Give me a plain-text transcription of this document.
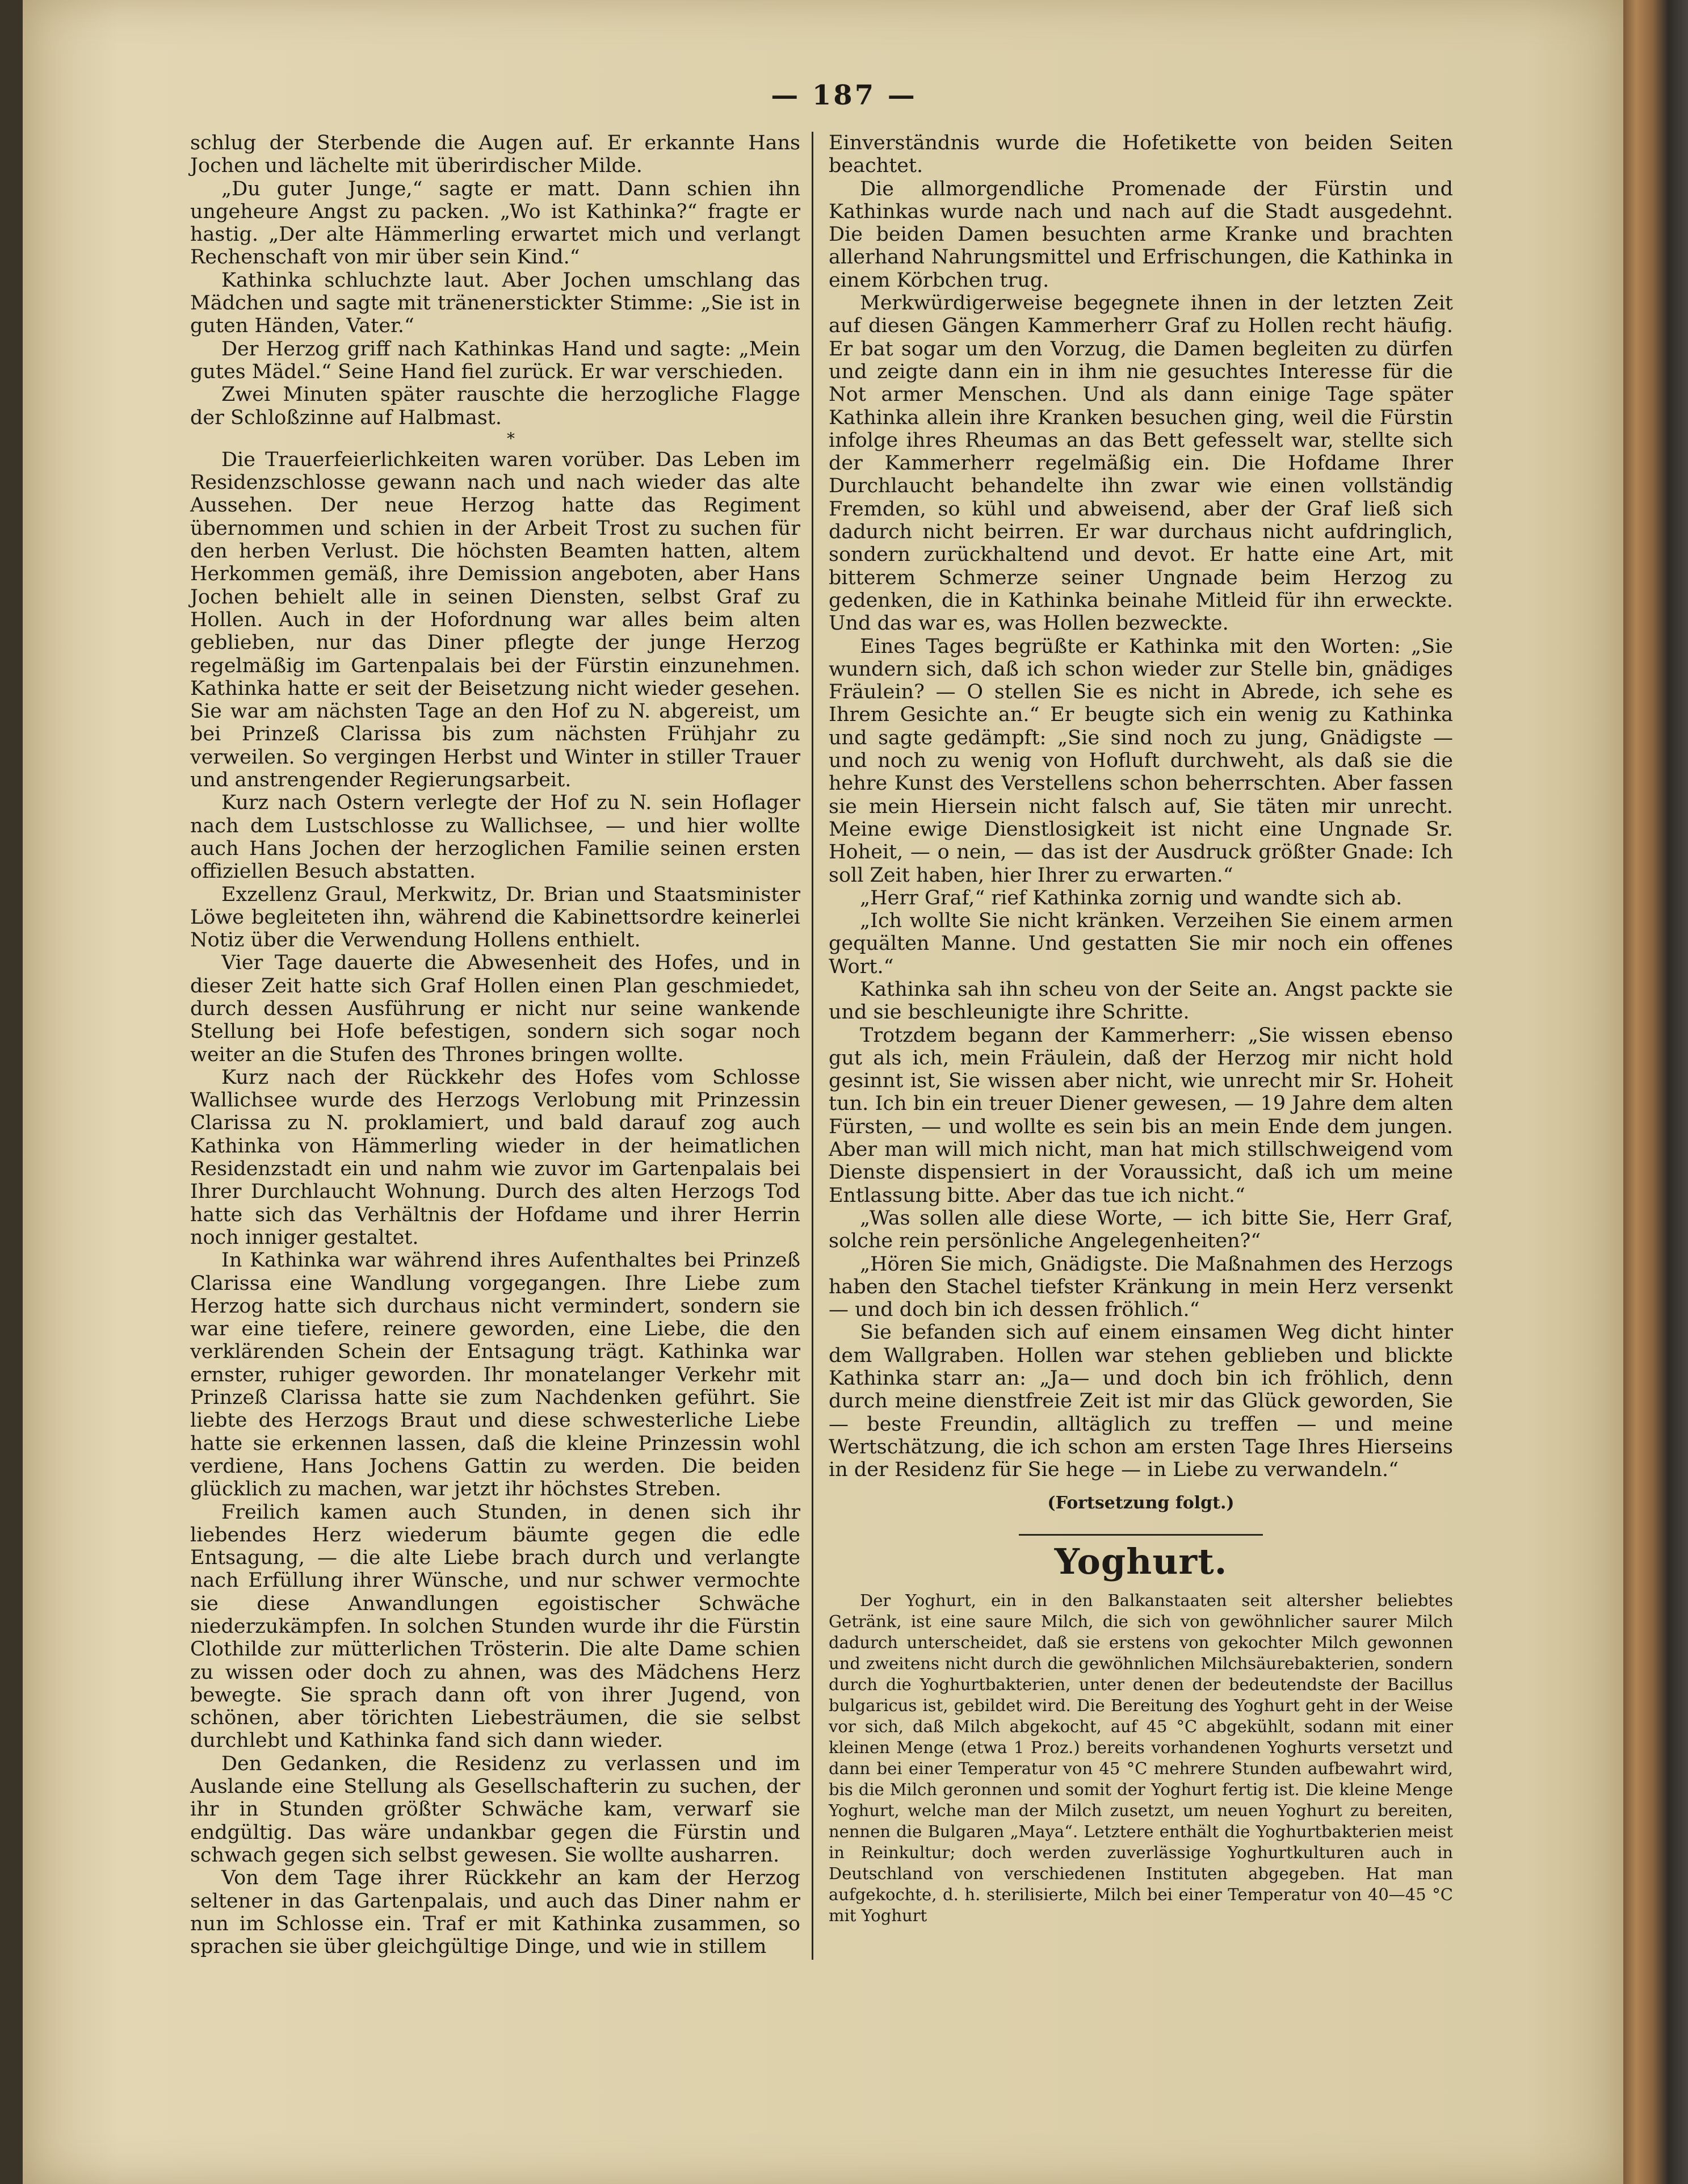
— 187 —

schlug der Sterbende die Augen auf. Er erkannte Hans Jochen und lächelte mit überirdischer Milde.

„Du guter Junge,“ sagte er matt. Dann schien ihn ungeheure Angst zu packen. „Wo ist Kathinka?“ fragte er hastig. „Der alte Hämmerling erwartet mich und verlangt Rechenschaft von mir über sein Kind.“

Kathinka schluchzte laut. Aber Jochen umschlang das Mädchen und sagte mit tränenerstickter Stimme: „Sie ist in guten Händen, Vater.“

Der Herzog griff nach Kathinkas Hand und sagte: „Mein gutes Mädel.“ Seine Hand fiel zurück. Er war verschieden.

Zwei Minuten später rauschte die herzogliche Flagge der Schloßzinne auf Halbmast.

*

Die Trauerfeierlichkeiten waren vorüber. Das Leben im Residenzschlosse gewann nach und nach wieder das alte Aussehen. Der neue Herzog hatte das Regiment übernommen und schien in der Arbeit Trost zu suchen für den herben Verlust. Die höchsten Beamten hatten, altem Herkommen gemäß, ihre Demission angeboten, aber Hans Jochen behielt alle in seinen Diensten, selbst Graf zu Hollen. Auch in der Hofordnung war alles beim alten geblieben, nur das Diner pflegte der junge Herzog regelmäßig im Gartenpalais bei der Fürstin einzunehmen. Kathinka hatte er seit der Beisetzung nicht wieder gesehen. Sie war am nächsten Tage an den Hof zu N. abgereist, um bei Prinzeß Clarissa bis zum nächsten Frühjahr zu verweilen. So vergingen Herbst und Winter in stiller Trauer und anstrengender Regierungsarbeit.

Kurz nach Ostern verlegte der Hof zu N. sein Hoflager nach dem Lustschlosse zu Wallichsee, — und hier wollte auch Hans Jochen der herzoglichen Familie seinen ersten offiziellen Besuch abstatten.

Exzellenz Graul, Merkwitz, Dr. Brian und Staatsminister Löwe begleiteten ihn, während die Kabinettsordre keinerlei Notiz über die Verwendung Hollens enthielt.

Vier Tage dauerte die Abwesenheit des Hofes, und in dieser Zeit hatte sich Graf Hollen einen Plan geschmiedet, durch dessen Ausführung er nicht nur seine wankende Stellung bei Hofe befestigen, sondern sich sogar noch weiter an die Stufen des Thrones bringen wollte.

Kurz nach der Rückkehr des Hofes vom Schlosse Wallichsee wurde des Herzogs Verlobung mit Prinzessin Clarissa zu N. proklamiert, und bald darauf zog auch Kathinka von Hämmerling wieder in der heimatlichen Residenzstadt ein und nahm wie zuvor im Gartenpalais bei Ihrer Durchlaucht Wohnung. Durch des alten Herzogs Tod hatte sich das Verhältnis der Hofdame und ihrer Herrin noch inniger gestaltet.

In Kathinka war während ihres Aufenthaltes bei Prinzeß Clarissa eine Wandlung vorgegangen. Ihre Liebe zum Herzog hatte sich durchaus nicht vermindert, sondern sie war eine tiefere, reinere geworden, eine Liebe, die den verklärenden Schein der Entsagung trägt. Kathinka war ernster, ruhiger geworden. Ihr monatelanger Verkehr mit Prinzeß Clarissa hatte sie zum Nachdenken geführt. Sie liebte des Herzogs Braut und diese schwesterliche Liebe hatte sie erkennen lassen, daß die kleine Prinzessin wohl verdiene, Hans Jochens Gattin zu werden. Die beiden glücklich zu machen, war jetzt ihr höchstes Streben.

Freilich kamen auch Stunden, in denen sich ihr liebendes Herz wiederum bäumte gegen die edle Entsagung, — die alte Liebe brach durch und verlangte nach Erfüllung ihrer Wünsche, und nur schwer vermochte sie diese Anwandlungen egoistischer Schwäche niederzukämpfen. In solchen Stunden wurde ihr die Fürstin Clothilde zur mütterlichen Trösterin. Die alte Dame schien zu wissen oder doch zu ahnen, was des Mädchens Herz bewegte. Sie sprach dann oft von ihrer Jugend, von schönen, aber törichten Liebesträumen, die sie selbst durchlebt und Kathinka fand sich dann wieder.

Den Gedanken, die Residenz zu verlassen und im Auslande eine Stellung als Gesellschafterin zu suchen, der ihr in Stunden größter Schwäche kam, verwarf sie endgültig. Das wäre undankbar gegen die Fürstin und schwach gegen sich selbst gewesen. Sie wollte ausharren.

Von dem Tage ihrer Rückkehr an kam der Herzog seltener in das Gartenpalais, und auch das Diner nahm er nun im Schlosse ein. Traf er mit Kathinka zusammen, so sprachen sie über gleichgültige Dinge, und wie in stillem

Einverständnis wurde die Hofetikette von beiden Seiten beachtet.

Die allmorgendliche Promenade der Fürstin und Kathinkas wurde nach und nach auf die Stadt ausgedehnt. Die beiden Damen besuchten arme Kranke und brachten allerhand Nahrungsmittel und Erfrischungen, die Kathinka in einem Körbchen trug.

Merkwürdigerweise begegnete ihnen in der letzten Zeit auf diesen Gängen Kammerherr Graf zu Hollen recht häufig. Er bat sogar um den Vorzug, die Damen begleiten zu dürfen und zeigte dann ein in ihm nie gesuchtes Interesse für die Not armer Menschen. Und als dann einige Tage später Kathinka allein ihre Kranken besuchen ging, weil die Fürstin infolge ihres Rheumas an das Bett gefesselt war, stellte sich der Kammerherr regelmäßig ein. Die Hofdame Ihrer Durchlaucht behandelte ihn zwar wie einen vollständig Fremden, so kühl und abweisend, aber der Graf ließ sich dadurch nicht beirren. Er war durchaus nicht aufdringlich, sondern zurückhaltend und devot. Er hatte eine Art, mit bitterem Schmerze seiner Ungnade beim Herzog zu gedenken, die in Kathinka beinahe Mitleid für ihn erweckte. Und das war es, was Hollen bezweckte.

Eines Tages begrüßte er Kathinka mit den Worten: „Sie wundern sich, daß ich schon wieder zur Stelle bin, gnädiges Fräulein? — O stellen Sie es nicht in Abrede, ich sehe es Ihrem Gesichte an.“ Er beugte sich ein wenig zu Kathinka und sagte gedämpft: „Sie sind noch zu jung, Gnädigste — und noch zu wenig von Hofluft durchweht, als daß sie die hehre Kunst des Verstellens schon beherrschten. Aber fassen sie mein Hiersein nicht falsch auf, Sie täten mir unrecht. Meine ewige Dienstlosigkeit ist nicht eine Ungnade Sr. Hoheit, — o nein, — das ist der Ausdruck größter Gnade: Ich soll Zeit haben, hier Ihrer zu erwarten.“

„Herr Graf,“ rief Kathinka zornig und wandte sich ab.

„Ich wollte Sie nicht kränken. Verzeihen Sie einem armen gequälten Manne. Und gestatten Sie mir noch ein offenes Wort.“

Kathinka sah ihn scheu von der Seite an. Angst packte sie und sie beschleunigte ihre Schritte.

Trotzdem begann der Kammerherr: „Sie wissen ebenso gut als ich, mein Fräulein, daß der Herzog mir nicht hold gesinnt ist, Sie wissen aber nicht, wie unrecht mir Sr. Hoheit tun. Ich bin ein treuer Diener gewesen, — 19 Jahre dem alten Fürsten, — und wollte es sein bis an mein Ende dem jungen. Aber man will mich nicht, man hat mich stillschweigend vom Dienste dispensiert in der Voraussicht, daß ich um meine Entlassung bitte. Aber das tue ich nicht.“

„Was sollen alle diese Worte, — ich bitte Sie, Herr Graf, solche rein persönliche Angelegenheiten?“

„Hören Sie mich, Gnädigste. Die Maßnahmen des Herzogs haben den Stachel tiefster Kränkung in mein Herz versenkt — und doch bin ich dessen fröhlich.“

Sie befanden sich auf einem einsamen Weg dicht hinter dem Wallgraben. Hollen war stehen geblieben und blickte Kathinka starr an: „Ja— und doch bin ich fröhlich, denn durch meine dienstfreie Zeit ist mir das Glück geworden, Sie — beste Freundin, alltäglich zu treffen — und meine Wertschätzung, die ich schon am ersten Tage Ihres Hierseins in der Residenz für Sie hege — in Liebe zu verwandeln.“

(Fortsetzung folgt.)
Yoghurt.

Der Yoghurt, ein in den Balkanstaaten seit altersher beliebtes Getränk, ist eine saure Milch, die sich von gewöhnlicher saurer Milch dadurch unterscheidet, daß sie erstens von gekochter Milch gewonnen und zweitens nicht durch die gewöhnlichen Milchsäurebakterien, sondern durch die Yoghurtbakterien, unter denen der bedeutendste der Bacillus bulgaricus ist, gebildet wird. Die Bereitung des Yoghurt geht in der Weise vor sich, daß Milch abgekocht, auf 45 °C abgekühlt, sodann mit einer kleinen Menge (etwa 1 Proz.) bereits vorhandenen Yoghurts versetzt und dann bei einer Temperatur von 45 °C mehrere Stunden aufbewahrt wird, bis die Milch geronnen und somit der Yoghurt fertig ist. Die kleine Menge Yoghurt, welche man der Milch zusetzt, um neuen Yoghurt zu bereiten, nennen die Bulgaren „Maya“. Letztere enthält die Yoghurtbakterien meist in Reinkultur; doch werden zuverlässige Yoghurtkulturen auch in Deutschland von verschiedenen Instituten abgegeben. Hat man aufgekochte, d. h. sterilisierte, Milch bei einer Temperatur von 40—45 °C mit Yoghurt
